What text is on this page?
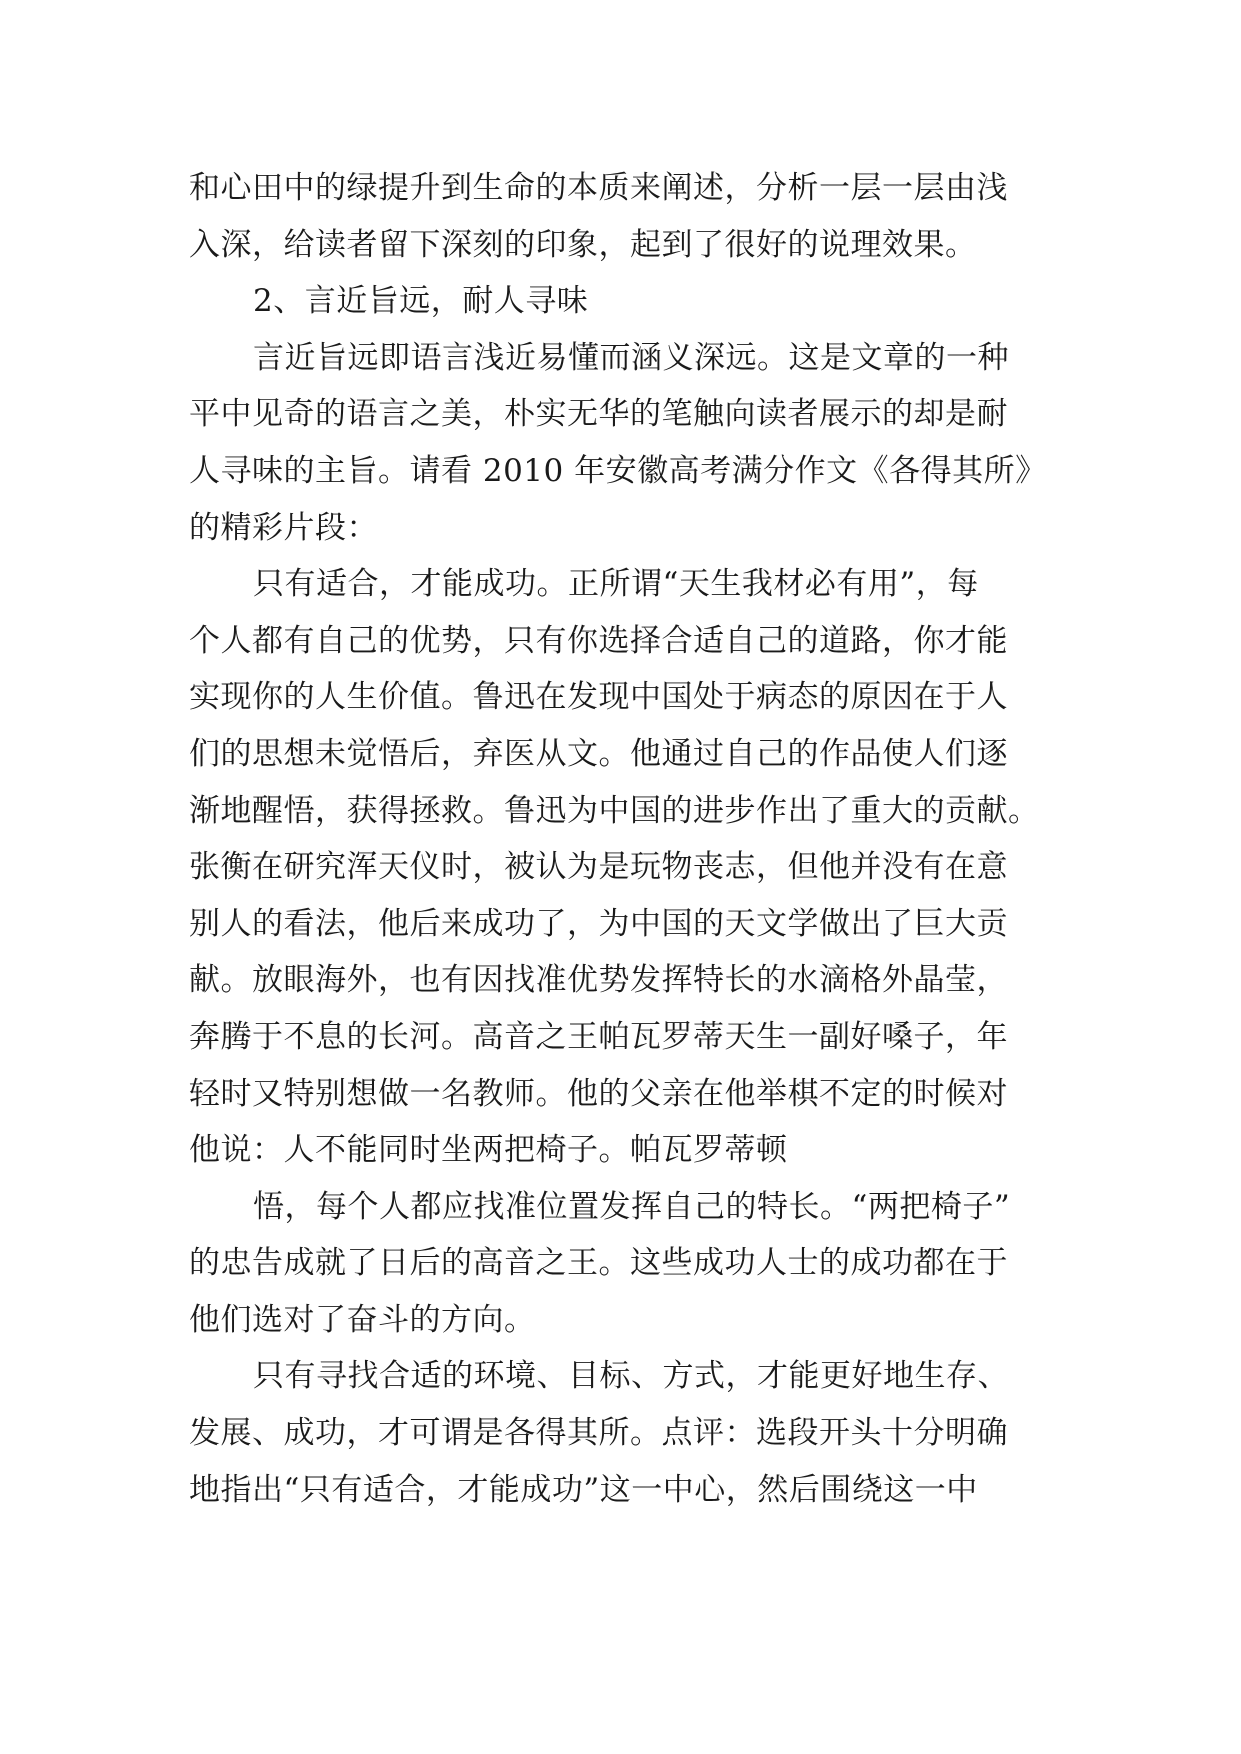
和心田中的绿提升到生命的本质来阐述，分析一层一层由浅
入深，给读者留下深刻的印象，起到了很好的说理效果。
2、言近旨远，耐人寻味
言近旨远即语言浅近易懂而涵义深远。这是文章的一种
平中见奇的语言之美，朴实无华的笔触向读者展示的却是耐
人寻味的主旨。请看 2010 年安徽高考满分作文《各得其所》
的精彩片段：
只有适合，才能成功。正所谓“天生我材必有用”，每
个人都有自己的优势，只有你选择合适自己的道路，你才能
实现你的人生价值。鲁迅在发现中国处于病态的原因在于人
们的思想未觉悟后，弃医从文。他通过自己的作品使人们逐
渐地醒悟，获得拯救。鲁迅为中国的进步作出了重大的贡献。
张衡在研究浑天仪时，被认为是玩物丧志，但他并没有在意
别人的看法，他后来成功了，为中国的天文学做出了巨大贡
献。放眼海外，也有因找准优势发挥特长的水滴格外晶莹，
奔腾于不息的长河。高音之王帕瓦罗蒂天生一副好嗓子，年
轻时又特别想做一名教师。他的父亲在他举棋不定的时候对
他说：人不能同时坐两把椅子。帕瓦罗蒂顿
悟，每个人都应找准位置发挥自己的特长。“两把椅子”
的忠告成就了日后的高音之王。这些成功人士的成功都在于
他们选对了奋斗的方向。
只有寻找合适的环境、目标、方式，才能更好地生存、
发展、成功，才可谓是各得其所。点评：选段开头十分明确
地指出“只有适合，才能成功”这一中心，然后围绕这一中
